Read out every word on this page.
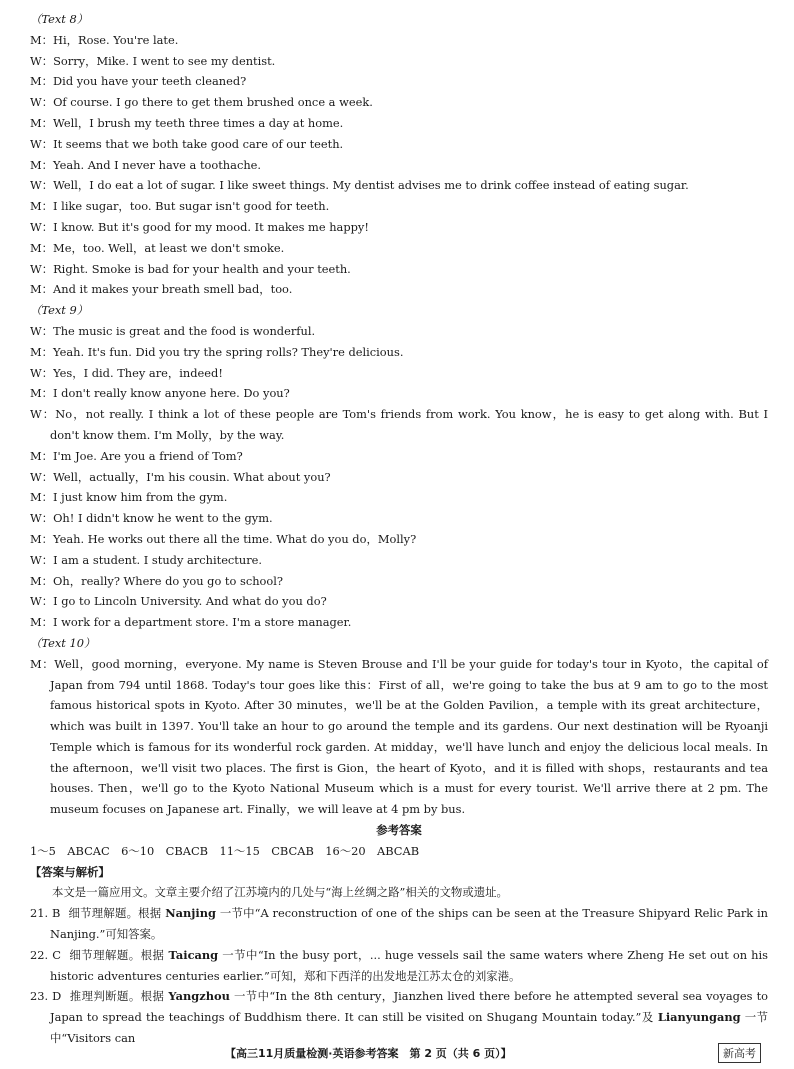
（Text 8）
M：Hi，Rose. You're late.
W：Sorry，Mike. I went to see my dentist.
M：Did you have your teeth cleaned?
W：Of course. I go there to get them brushed once a week.
M：Well，I brush my teeth three times a day at home.
W：It seems that we both take good care of our teeth.
M：Yeah. And I never have a toothache.
W：Well，I do eat a lot of sugar. I like sweet things. My dentist advises me to drink coffee instead of eating sugar.
M：I like sugar，too. But sugar isn't good for teeth.
W：I know. But it's good for my mood. It makes me happy!
M：Me，too. Well，at least we don't smoke.
W：Right. Smoke is bad for your health and your teeth.
M：And it makes your breath smell bad，too.
（Text 9）
W：The music is great and the food is wonderful.
M：Yeah. It's fun. Did you try the spring rolls? They're delicious.
W：Yes，I did. They are，indeed!
M：I don't really know anyone here. Do you?
W：No，not really. I think a lot of these people are Tom's friends from work. You know，he is easy to get along with. But I don't know them. I'm Molly，by the way.
M：I'm Joe. Are you a friend of Tom?
W：Well，actually，I'm his cousin. What about you?
M：I just know him from the gym.
W：Oh! I didn't know he went to the gym.
M：Yeah. He works out there all the time. What do you do，Molly?
W：I am a student. I study architecture.
M：Oh，really? Where do you go to school?
W：I go to Lincoln University. And what do you do?
M：I work for a department store. I'm a store manager.
（Text 10）
M：Well，good morning，everyone. My name is Steven Brouse and I'll be your guide for today's tour in Kyoto，the capital of Japan from 794 until 1868. Today's tour goes like this：First of all，we're going to take the bus at 9 am to go to the most famous historical spots in Kyoto. After 30 minutes，we'll be at the Golden Pavilion，a temple with its great architecture，which was built in 1397. You'll take an hour to go around the temple and its gardens. Our next destination will be Ryoanji Temple which is famous for its wonderful rock garden. At midday，we'll have lunch and enjoy the delicious local meals. In the afternoon，we'll visit two places. The first is Gion，the heart of Kyoto，and it is filled with shops，restaurants and tea houses. Then，we'll go to the Kyoto National Museum which is a must for every tourist. We'll arrive there at 2 pm. The museum focuses on Japanese art. Finally，we will leave at 4 pm by bus.
参考答案
1～5　ABCAC　6～10　CBACB　11～15　CBCAB　16～20　ABCAB
【答案与解析】
本文是一篇应用文。文章主要介绍了江苏境内的几处与“海上丝绸之路”相关的文物或遗址。
21. B 细节理解题。根据 Nanjing 一节中“A reconstruction of one of the ships can be seen at the Treasure Shipyard Relic Park in Nanjing.”可知答案。
22. C 细节理解题。根据 Taicang 一节中“In the busy port，... huge vessels sail the same waters where Zheng He set out on his historic adventures centuries earlier.”可知，郑和下西洋的出发地是江苏太仓的刘家港。
23. D 推理判断题。根据 Yangzhou 一节中“In the 8th century，Jianzhen lived there before he attempted several sea voyages to Japan to spread the teachings of Buddhism there. It can still be visited on Shugang Mountain today.”及 Lianyungang 一节中“Visitors can
【高三11月质量检测·英语参考答案　第 2 页（共 6 页）】	新高考
